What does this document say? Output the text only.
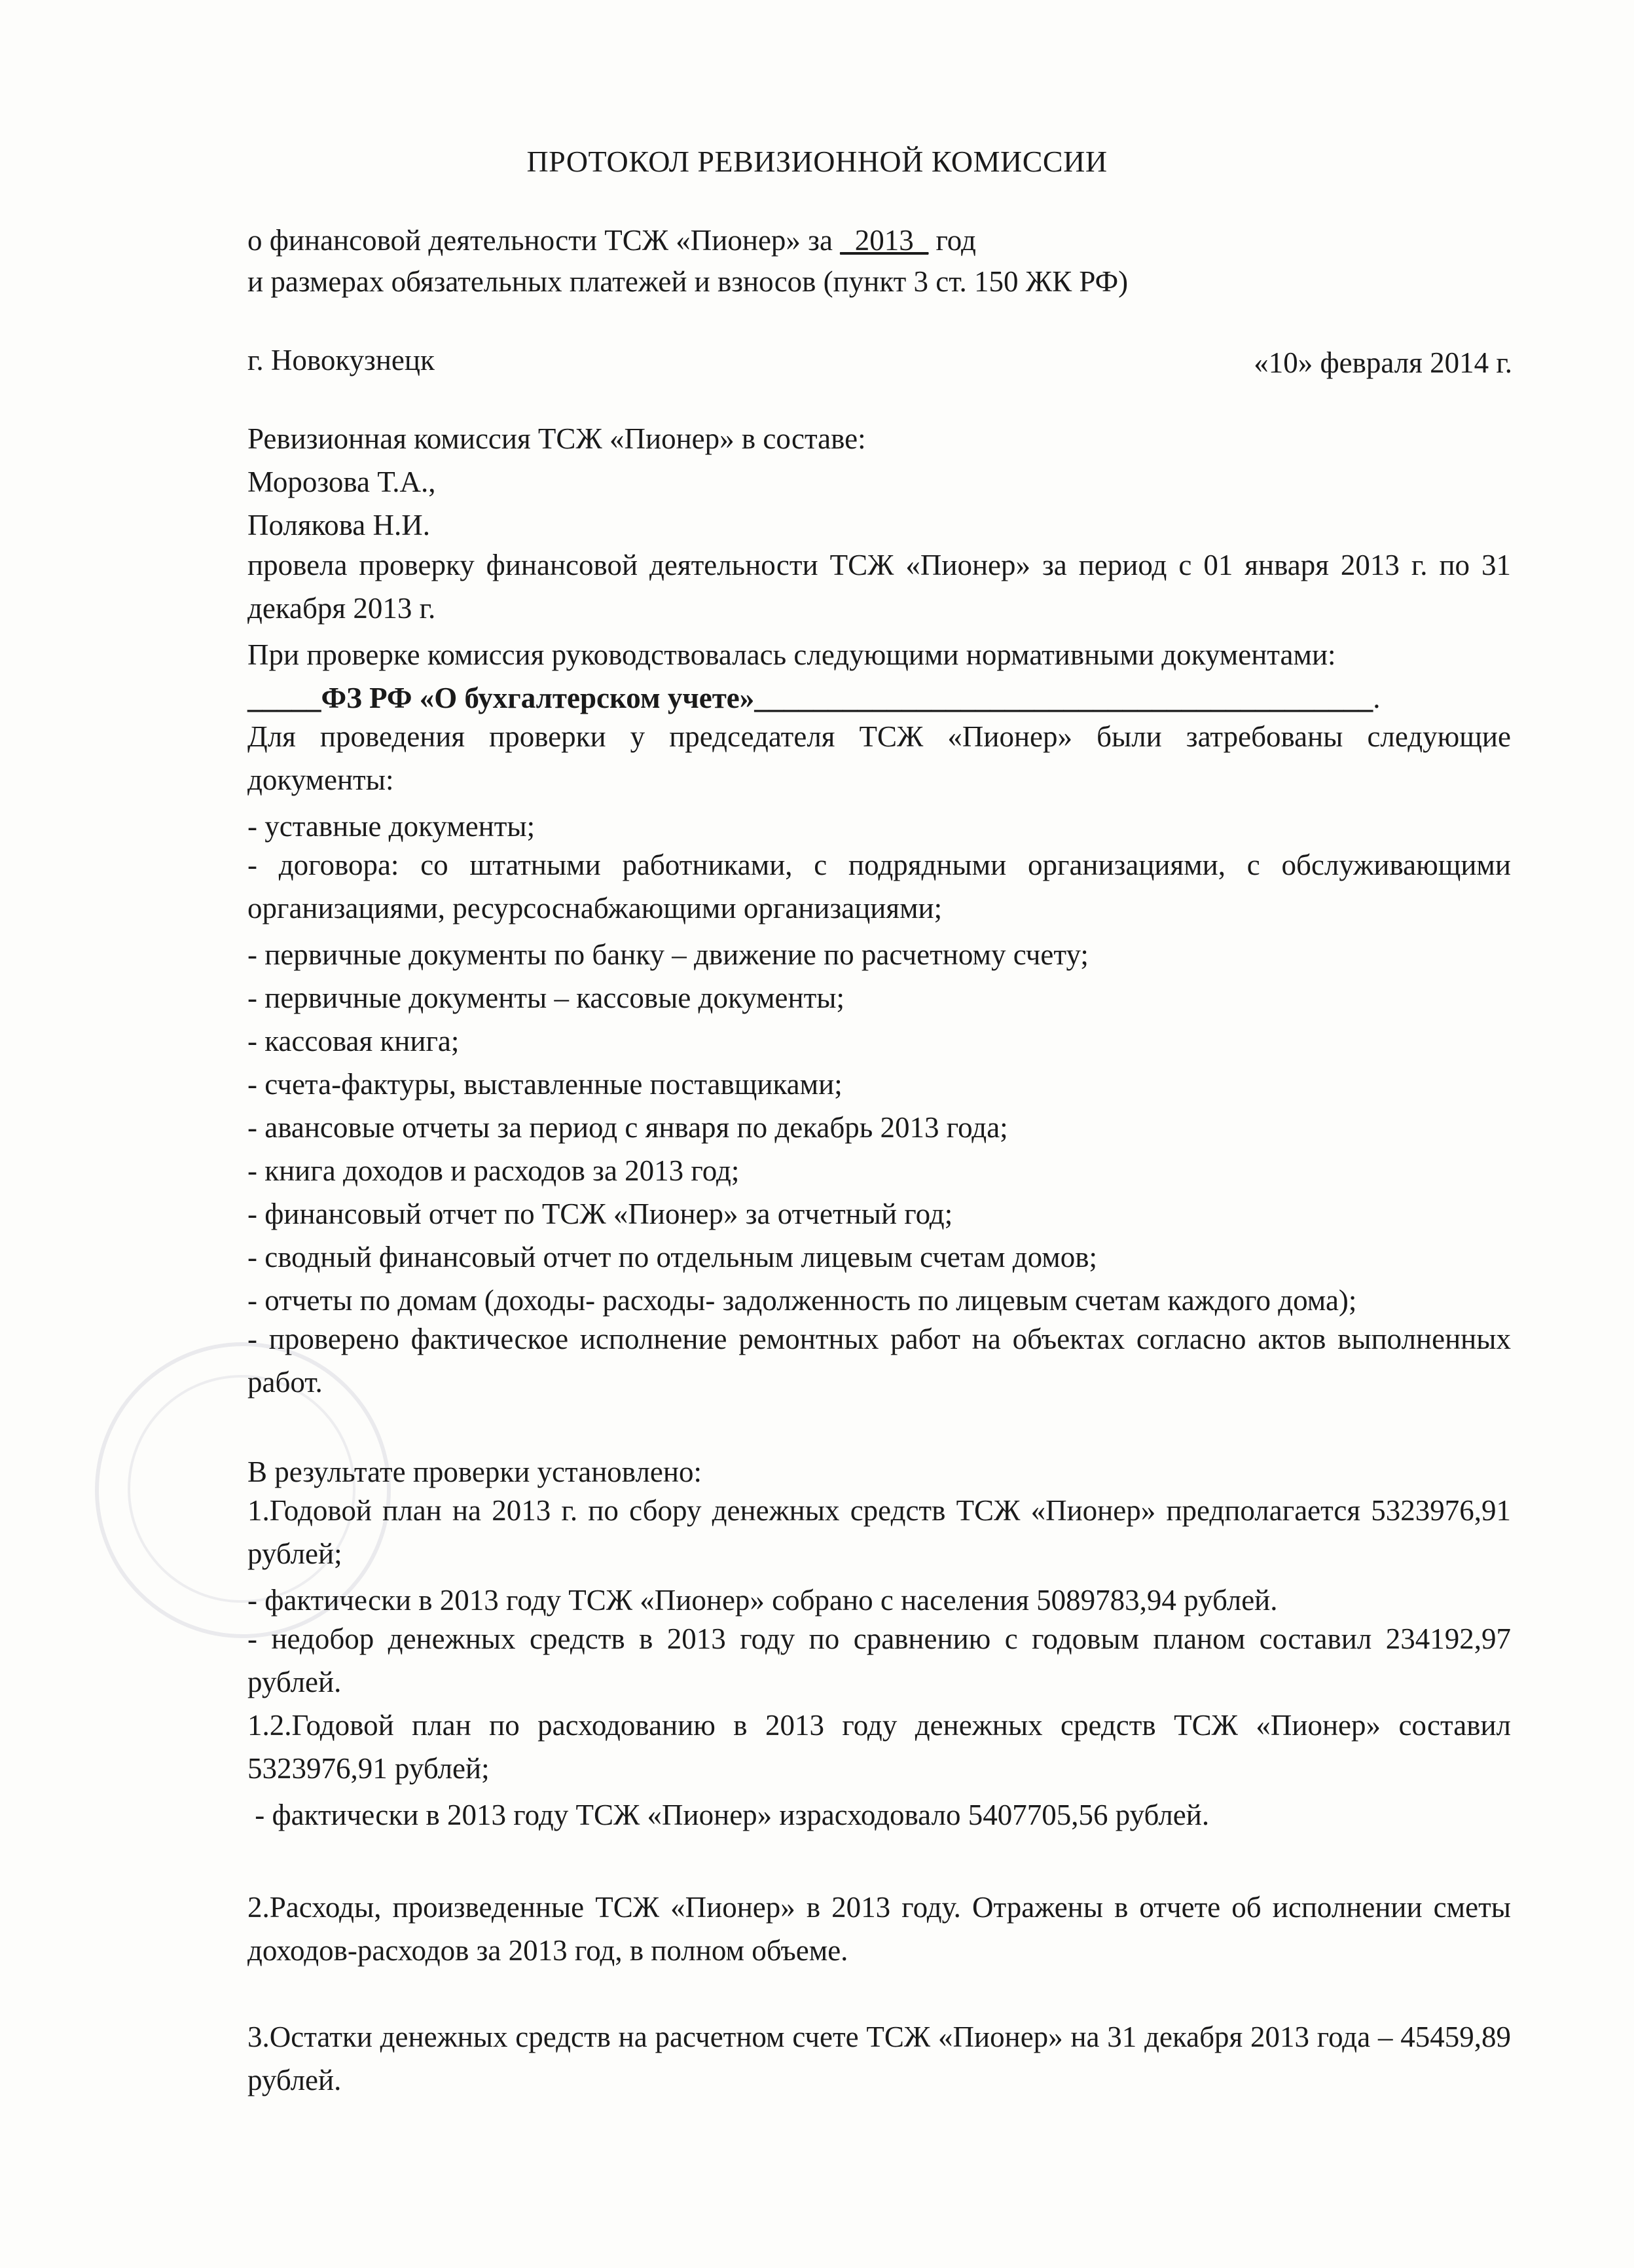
ПРОТОКОЛ РЕВИЗИОННОЙ КОМИССИИ
о финансовой деятельности ТСЖ «Пионер» за _2013_ год
и размерах обязательных платежей и взносов (пункт 3 ст. 150 ЖК РФ)
г. Новокузнецк	«10» февраля 2014 г.
Ревизионная комиссия ТСЖ «Пионер» в составе:
Морозова Т.А.,
Полякова Н.И.
провела проверку финансовой деятельности ТСЖ «Пионер» за период с 01 января 2013 г. по 31 декабря 2013 г.
При проверке комиссия руководствовалась следующими нормативными документами:
_____ФЗ РФ «О бухгалтерском учете»__________________________________________.
Для проведения проверки у председателя ТСЖ «Пионер» были затребованы следующие документы:
- уставные документы;
- договора: со штатными работниками, с подрядными организациями, с обслуживающими организациями, ресурсоснабжающими организациями;
- первичные документы по банку – движение по расчетному счету;
- первичные документы – кассовые документы;
- кассовая книга;
- счета-фактуры, выставленные поставщиками;
- авансовые отчеты за период с января по декабрь 2013 года;
- книга доходов и расходов за 2013 год;
- финансовый отчет по ТСЖ «Пионер» за отчетный год;
- сводный финансовый отчет по отдельным лицевым счетам домов;
- отчеты по домам (доходы- расходы- задолженность по лицевым счетам каждого дома);
- проверено фактическое исполнение ремонтных работ на объектах согласно актов выполненных работ.
В результате проверки установлено:
1.Годовой план на 2013 г. по сбору денежных средств ТСЖ «Пионер» предполагается 5323976,91 рублей;
- фактически в 2013 году ТСЖ «Пионер» собрано с населения 5089783,94 рублей.
- недобор денежных средств в 2013 году по сравнению с годовым планом составил 234192,97 рублей.
1.2.Годовой план по расходованию в 2013 году денежных средств ТСЖ «Пионер» составил 5323976,91 рублей;
- фактически в 2013 году ТСЖ «Пионер» израсходовало 5407705,56 рублей.
2.Расходы, произведенные ТСЖ «Пионер» в 2013 году. Отражены в отчете об исполнении сметы доходов-расходов за 2013 год, в полном объеме.
3.Остатки денежных средств на расчетном счете ТСЖ «Пионер» на 31 декабря 2013 года – 45459,89 рублей.
